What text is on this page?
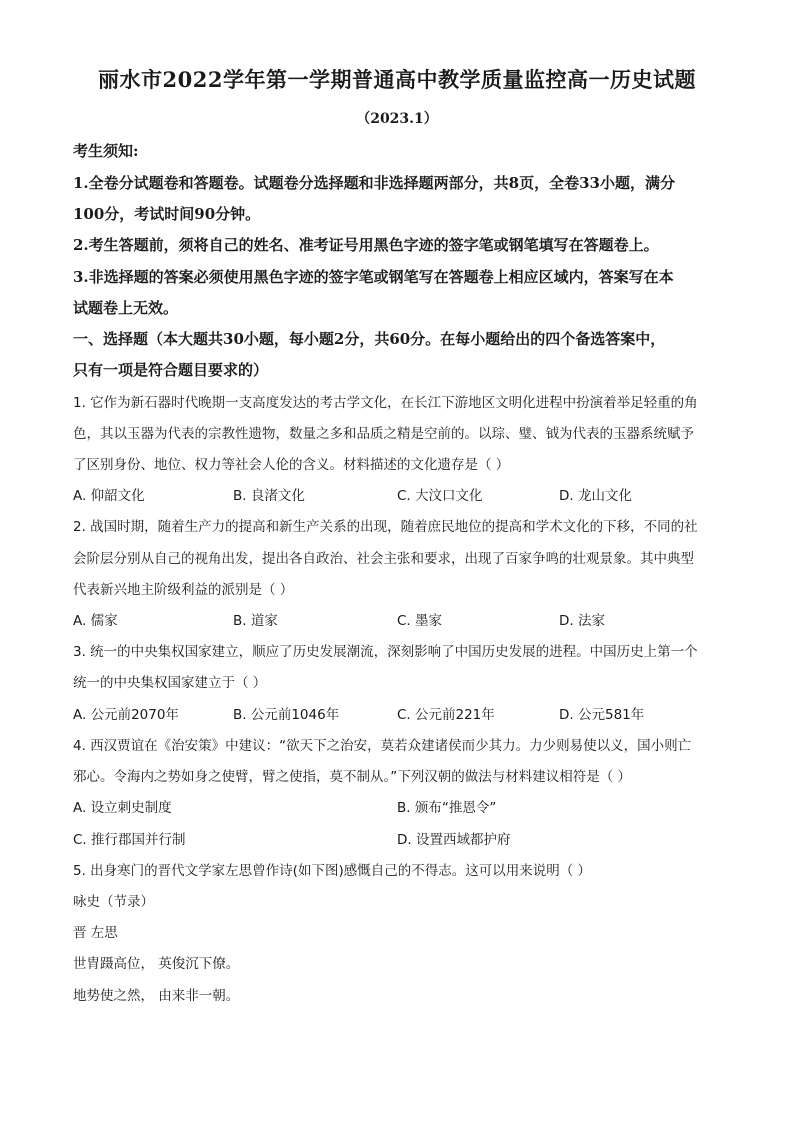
丽水市2022学年第一学期普通高中教学质量监控高一历史试题
（2023.1）
考生须知:
1.全卷分试题卷和答题卷。试题卷分选择题和非选择题两部分，共8页，全卷33小题，满分
100分，考试时间90分钟。
2.考生答题前，须将自己的姓名、准考证号用黑色字迹的签字笔或钢笔填写在答题卷上。
3.非选择题的答案必须使用黑色字迹的签字笔或钢笔写在答题卷上相应区域内，答案写在本
试题卷上无效。
一、选择题（本大题共30小题，每小题2分，共60分。在每小题给出的四个备选答案中，
只有一项是符合题目要求的）
1. 它作为新石器时代晚期一支高度发达的考古学文化，在长江下游地区文明化进程中扮演着举足轻重的角
色，其以玉器为代表的宗教性遗物，数量之多和品质之精是空前的。以琮、璧、钺为代表的玉器系统赋予
了区别身份、地位、权力等社会人伦的含义。材料描述的文化遗存是（ ）
A. 仰韶文化	B. 良渚文化	C. 大汶口文化	D. 龙山文化
2. 战国时期，随着生产力的提高和新生产关系的出现，随着庶民地位的提高和学术文化的下移，不同的社
会阶层分别从自己的视角出发，提出各自政治、社会主张和要求，出现了百家争鸣的壮观景象。其中典型
代表新兴地主阶级利益的派别是（ ）
A. 儒家	B. 道家	C. 墨家	D. 法家
3. 统一的中央集权国家建立，顺应了历史发展潮流，深刻影响了中国历史发展的进程。中国历史上第一个
统一的中央集权国家建立于（ ）
A. 公元前2070年	B. 公元前1046年	C. 公元前221年	D. 公元581年
4. 西汉贾谊在《治安策》中建议：“欲天下之治安，莫若众建诸侯而少其力。力少则易使以义，国小则亡
邪心。令海内之势如身之使臂，臂之使指，莫不制从。”下列汉朝的做法与材料建议相符是（ ）
A. 设立刺史制度	B. 颁布“推恩令”
C. 推行郡国并行制	D. 设置西域都护府
5. 出身寒门的晋代文学家左思曾作诗(如下图)感慨自己的不得志。这可以用来说明（ ）
咏史（节录）
晋 左思
世胄蹑高位， 英俊沉下僚。
地势使之然， 由来非一朝。
